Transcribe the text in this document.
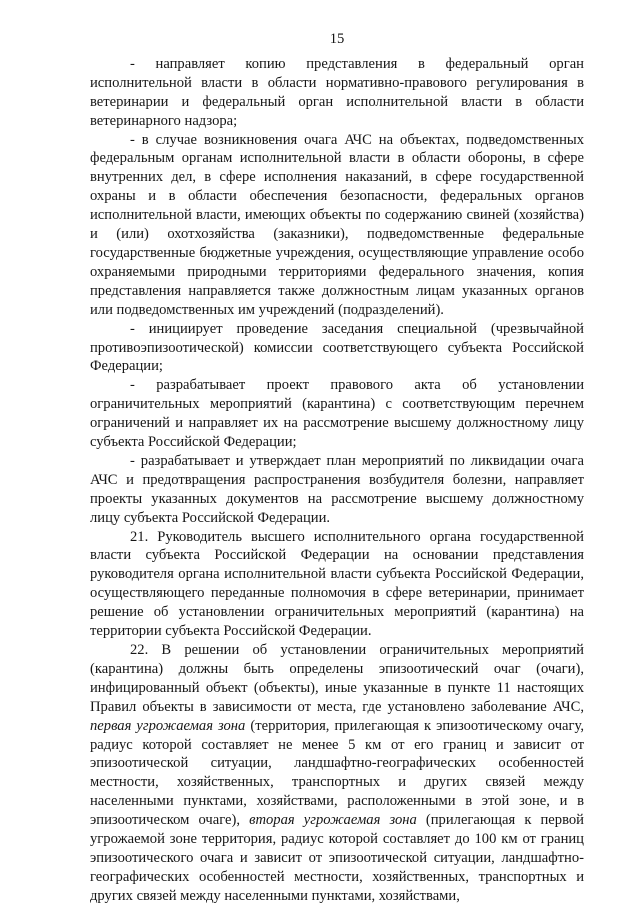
15

- направляет копию представления в федеральный орган исполнительной власти в области нормативно-правового регулирования в ветеринарии и федеральный орган исполнительной власти в области ветеринарного надзора;

- в случае возникновения очага АЧС на объектах, подведомственных федеральным органам исполнительной власти в области обороны, в сфере внутренних дел, в сфере исполнения наказаний, в сфере государственной охраны и в области обеспечения безопасности, федеральных органов исполнительной власти, имеющих объекты по содержанию свиней (хозяйства) и (или) охотхозяйства (заказники), подведомственные федеральные государственные бюджетные учреждения, осуществляющие управление особо охраняемыми природными территориями федерального значения, копия представления направляется также должностным лицам указанных органов или подведомственных им учреждений (подразделений).

- инициирует проведение заседания специальной (чрезвычайной противоэпизоотической) комиссии соответствующего субъекта Российской Федерации;

- разрабатывает проект правового акта об установлении ограничительных мероприятий (карантина) с соответствующим перечнем ограничений и направляет их на рассмотрение высшему должностному лицу субъекта Российской Федерации;

- разрабатывает и утверждает план мероприятий по ликвидации очага АЧС и предотвращения распространения возбудителя болезни, направляет проекты указанных документов на рассмотрение высшему должностному лицу субъекта Российской Федерации.

21. Руководитель высшего исполнительного органа государственной власти субъекта Российской Федерации на основании представления руководителя органа исполнительной власти субъекта Российской Федерации, осуществляющего переданные полномочия в сфере ветеринарии, принимает решение об установлении ограничительных мероприятий (карантина) на территории субъекта Российской Федерации.

22. В решении об установлении ограничительных мероприятий (карантина) должны быть определены эпизоотический очаг (очаги), инфицированный объект (объекты), иные указанные в пункте 11 настоящих Правил объекты в зависимости от места, где установлено заболевание АЧС, первая угрожаемая зона (территория, прилегающая к эпизоотическому очагу, радиус которой составляет не менее 5 км от его границ и зависит от эпизоотической ситуации, ландшафтно-географических особенностей местности, хозяйственных, транспортных и других связей между населенными пунктами, хозяйствами, расположенными в этой зоне, и в эпизоотическом очаге), вторая угрожаемая зона (прилегающая к первой угрожаемой зоне территория, радиус которой составляет до 100 км от границ эпизоотического очага и зависит от эпизоотической ситуации, ландшафтно-географических особенностей местности, хозяйственных, транспортных и других связей между населенными пунктами, хозяйствами,
